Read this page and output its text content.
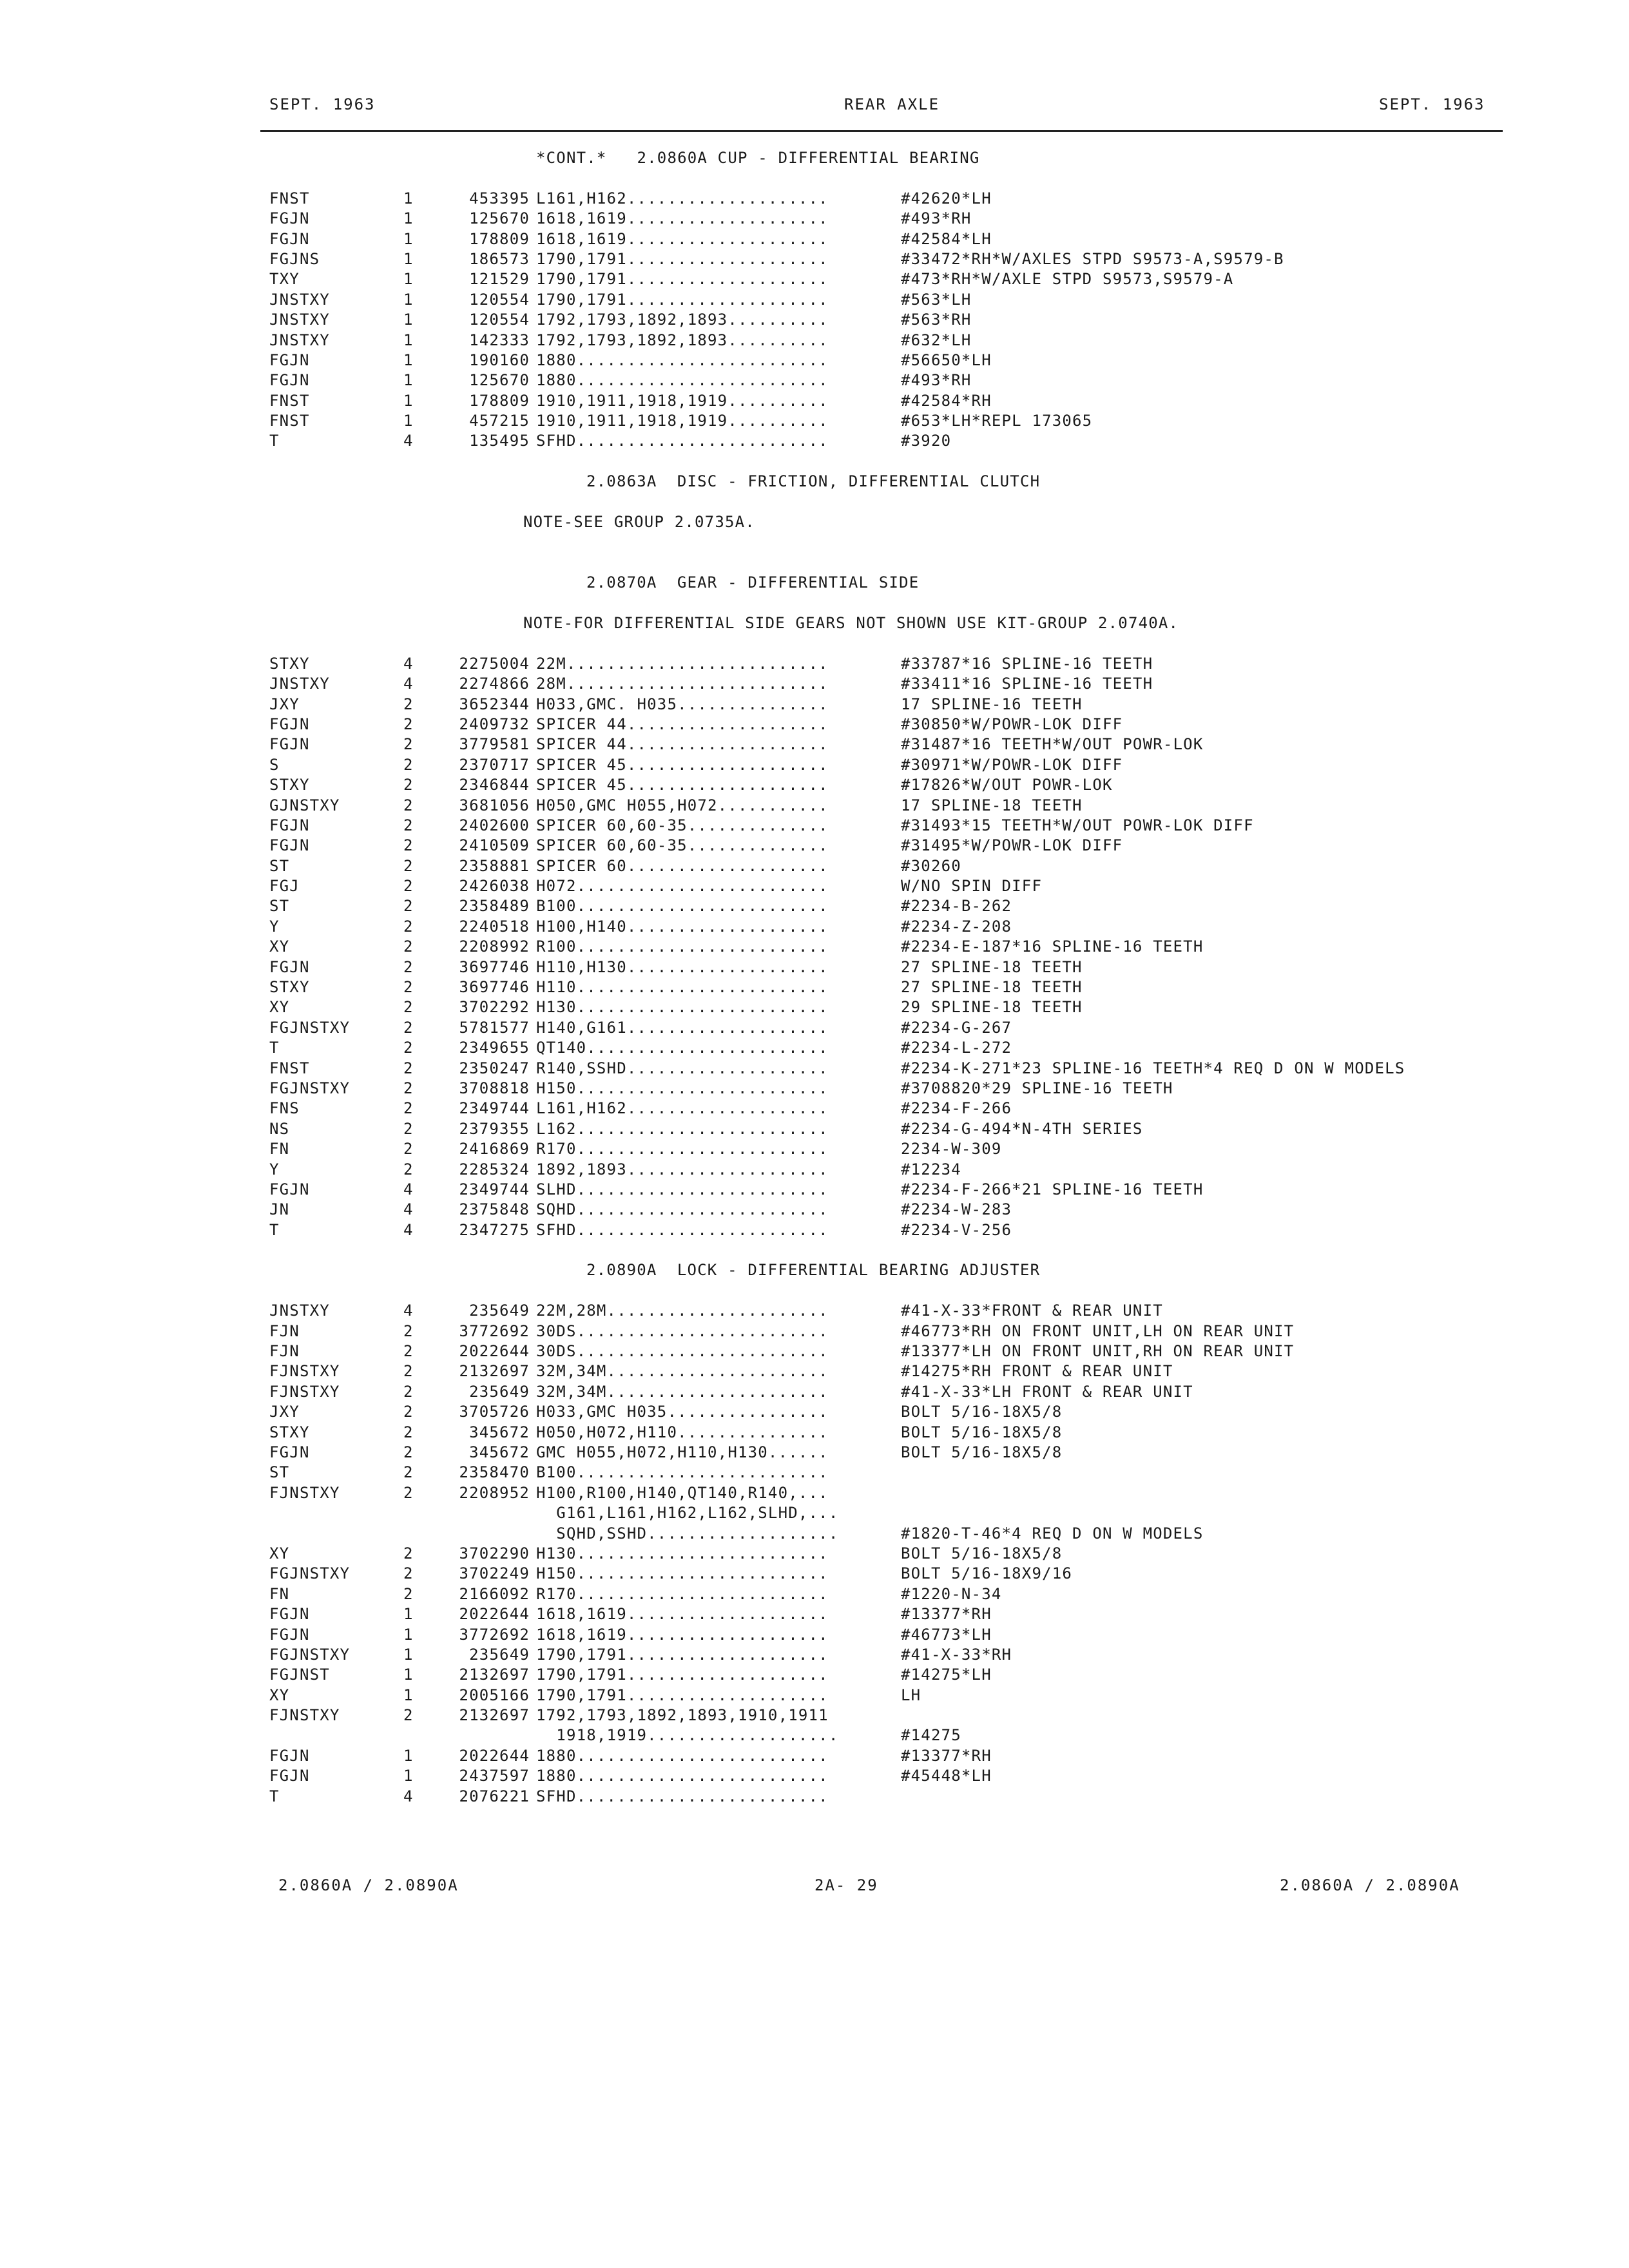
SEPT. 1963	REAR AXLE	SEPT. 1963
*CONT.*   2.0860A CUP - DIFFERENTIAL BEARING
FNST	1	453395 L161,H162....................	#42620*LH
FGJN	1	125670 1618,1619....................	#493*RH
FGJN	1	178809 1618,1619....................	#42584*LH
FGJNS	1	186573 1790,1791....................	#33472*RH*W/AXLES STPD S9573-A,S9579-B
TXY	1	121529 1790,1791....................	#473*RH*W/AXLE STPD S9573,S9579-A
JNSTXY	1	120554 1790,1791....................	#563*LH
JNSTXY	1	120554 1792,1793,1892,1893..........	#563*RH
JNSTXY	1	142333 1792,1793,1892,1893..........	#632*LH
FGJN	1	190160 1880.........................	#56650*LH
FGJN	1	125670 1880.........................	#493*RH
FNST	1	178809 1910,1911,1918,1919..........	#42584*RH
FNST	1	457215 1910,1911,1918,1919..........	#653*LH*REPL 173065
T	4	135495 SFHD.........................	#3920
2.0863A  DISC - FRICTION, DIFFERENTIAL CLUTCH
NOTE-SEE GROUP 2.0735A.
2.0870A  GEAR - DIFFERENTIAL SIDE
NOTE-FOR DIFFERENTIAL SIDE GEARS NOT SHOWN USE KIT-GROUP 2.0740A.
STXY	4	2275004 22M..........................	#33787*16 SPLINE-16 TEETH
JNSTXY	4	2274866 28M..........................	#33411*16 SPLINE-16 TEETH
JXY	2	3652344 H033,GMC. H035...............	17 SPLINE-16 TEETH
FGJN	2	2409732 SPICER 44....................	#30850*W/POWR-LOK DIFF
FGJN	2	3779581 SPICER 44....................	#31487*16 TEETH*W/OUT POWR-LOK
S	2	2370717 SPICER 45....................	#30971*W/POWR-LOK DIFF
STXY	2	2346844 SPICER 45....................	#17826*W/OUT POWR-LOK
GJNSTXY	2	3681056 H050,GMC H055,H072...........	17 SPLINE-18 TEETH
FGJN	2	2402600 SPICER 60,60-35..............	#31493*15 TEETH*W/OUT POWR-LOK DIFF
FGJN	2	2410509 SPICER 60,60-35..............	#31495*W/POWR-LOK DIFF
ST	2	2358881 SPICER 60....................	#30260
FGJ	2	2426038 H072.........................	W/NO SPIN DIFF
ST	2	2358489 B100.........................	#2234-B-262
Y	2	2240518 H100,H140....................	#2234-Z-208
XY	2	2208992 R100.........................	#2234-E-187*16 SPLINE-16 TEETH
FGJN	2	3697746 H110,H130....................	27 SPLINE-18 TEETH
STXY	2	3697746 H110.........................	27 SPLINE-18 TEETH
XY	2	3702292 H130.........................	29 SPLINE-18 TEETH
FGJNSTXY	2	5781577 H140,G161....................	#2234-G-267
T	2	2349655 QT140........................	#2234-L-272
FNST	2	2350247 R140,SSHD....................	#2234-K-271*23 SPLINE-16 TEETH*4 REQ D ON W MODELS
FGJNSTXY	2	3708818 H150.........................	#3708820*29 SPLINE-16 TEETH
FNS	2	2349744 L161,H162....................	#2234-F-266
NS	2	2379355 L162.........................	#2234-G-494*N-4TH SERIES
FN	2	2416869 R170.........................	2234-W-309
Y	2	2285324 1892,1893....................	#12234
FGJN	4	2349744 SLHD.........................	#2234-F-266*21 SPLINE-16 TEETH
JN	4	2375848 SQHD.........................	#2234-W-283
T	4	2347275 SFHD.........................	#2234-V-256
2.0890A  LOCK - DIFFERENTIAL BEARING ADJUSTER
JNSTXY	4	235649 22M,28M......................	#41-X-33*FRONT & REAR UNIT
FJN	2	3772692 30DS.........................	#46773*RH ON FRONT UNIT,LH ON REAR UNIT
FJN	2	2022644 30DS.........................	#13377*LH ON FRONT UNIT,RH ON REAR UNIT
FJNSTXY	2	2132697 32M,34M......................	#14275*RH FRONT & REAR UNIT
FJNSTXY	2	235649 32M,34M......................	#41-X-33*LH FRONT & REAR UNIT
JXY	2	3705726 H033,GMC H035................	BOLT 5/16-18X5/8
STXY	2	345672 H050,H072,H110...............	BOLT 5/16-18X5/8
FGJN	2	345672 GMC H055,H072,H110,H130......	BOLT 5/16-18X5/8
ST	2	2358470 B100.........................
FJNSTXY	2	2208952 H100,R100,H140,QT140,R140,...
G161,L161,H162,L162,SLHD,...
SQHD,SSHD...................	#1820-T-46*4 REQ D ON W MODELS
XY	2	3702290 H130.........................	BOLT 5/16-18X5/8
FGJNSTXY	2	3702249 H150.........................	BOLT 5/16-18X9/16
FN	2	2166092 R170.........................	#1220-N-34
FGJN	1	2022644 1618,1619....................	#13377*RH
FGJN	1	3772692 1618,1619....................	#46773*LH
FGJNSTXY	1	235649 1790,1791....................	#41-X-33*RH
FGJNST	1	2132697 1790,1791....................	#14275*LH
XY	1	2005166 1790,1791....................	LH
FJNSTXY	2	2132697 1792,1793,1892,1893,1910,1911
1918,1919...................	#14275
FGJN	1	2022644 1880.........................	#13377*RH
FGJN	1	2437597 1880.........................	#45448*LH
T	4	2076221 SFHD.........................
2.0860A / 2.0890A	2A- 29	2.0860A / 2.0890A
